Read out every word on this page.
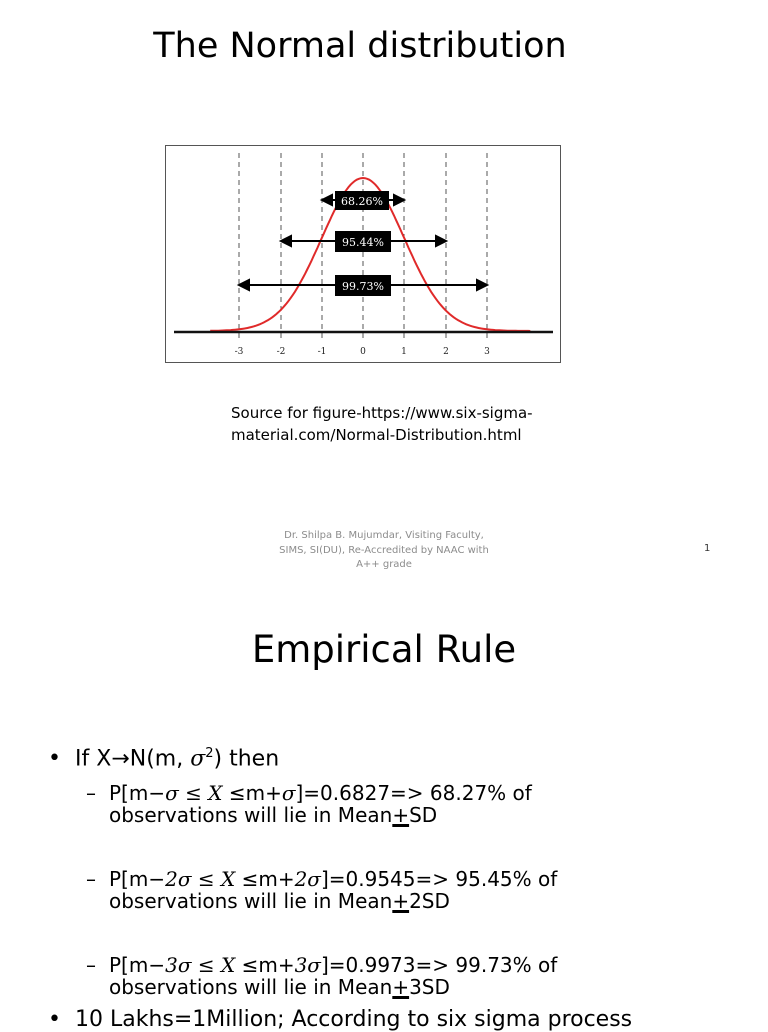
The Normal distribution
68.26%
95.44%
99.73%
-3	-2	-1	0	1	2	3
Source for figure-https://www.six-sigma-
material.com/Normal-Distribution.html
Dr. Shilpa B. Mujumdar, Visiting Faculty,
SIMS, SI(DU), Re-Accredited by NAAC with
A++ grade
1
Empirical Rule
• If X→N(m, $\sigma^2$) then
– P[m−σ ≤ X ≤m+σ]=0.6827=> 68.27% of
observations will lie in Mean+SD
– P[m−2σ ≤ X ≤m+2σ]=0.9545=> 95.45% of
observations will lie in Mean+2SD
– P[m−3σ ≤ X ≤m+3σ]=0.9973=> 99.73% of
observations will lie in Mean+3SD
• 10 Lakhs=1Million; According to six sigma process
